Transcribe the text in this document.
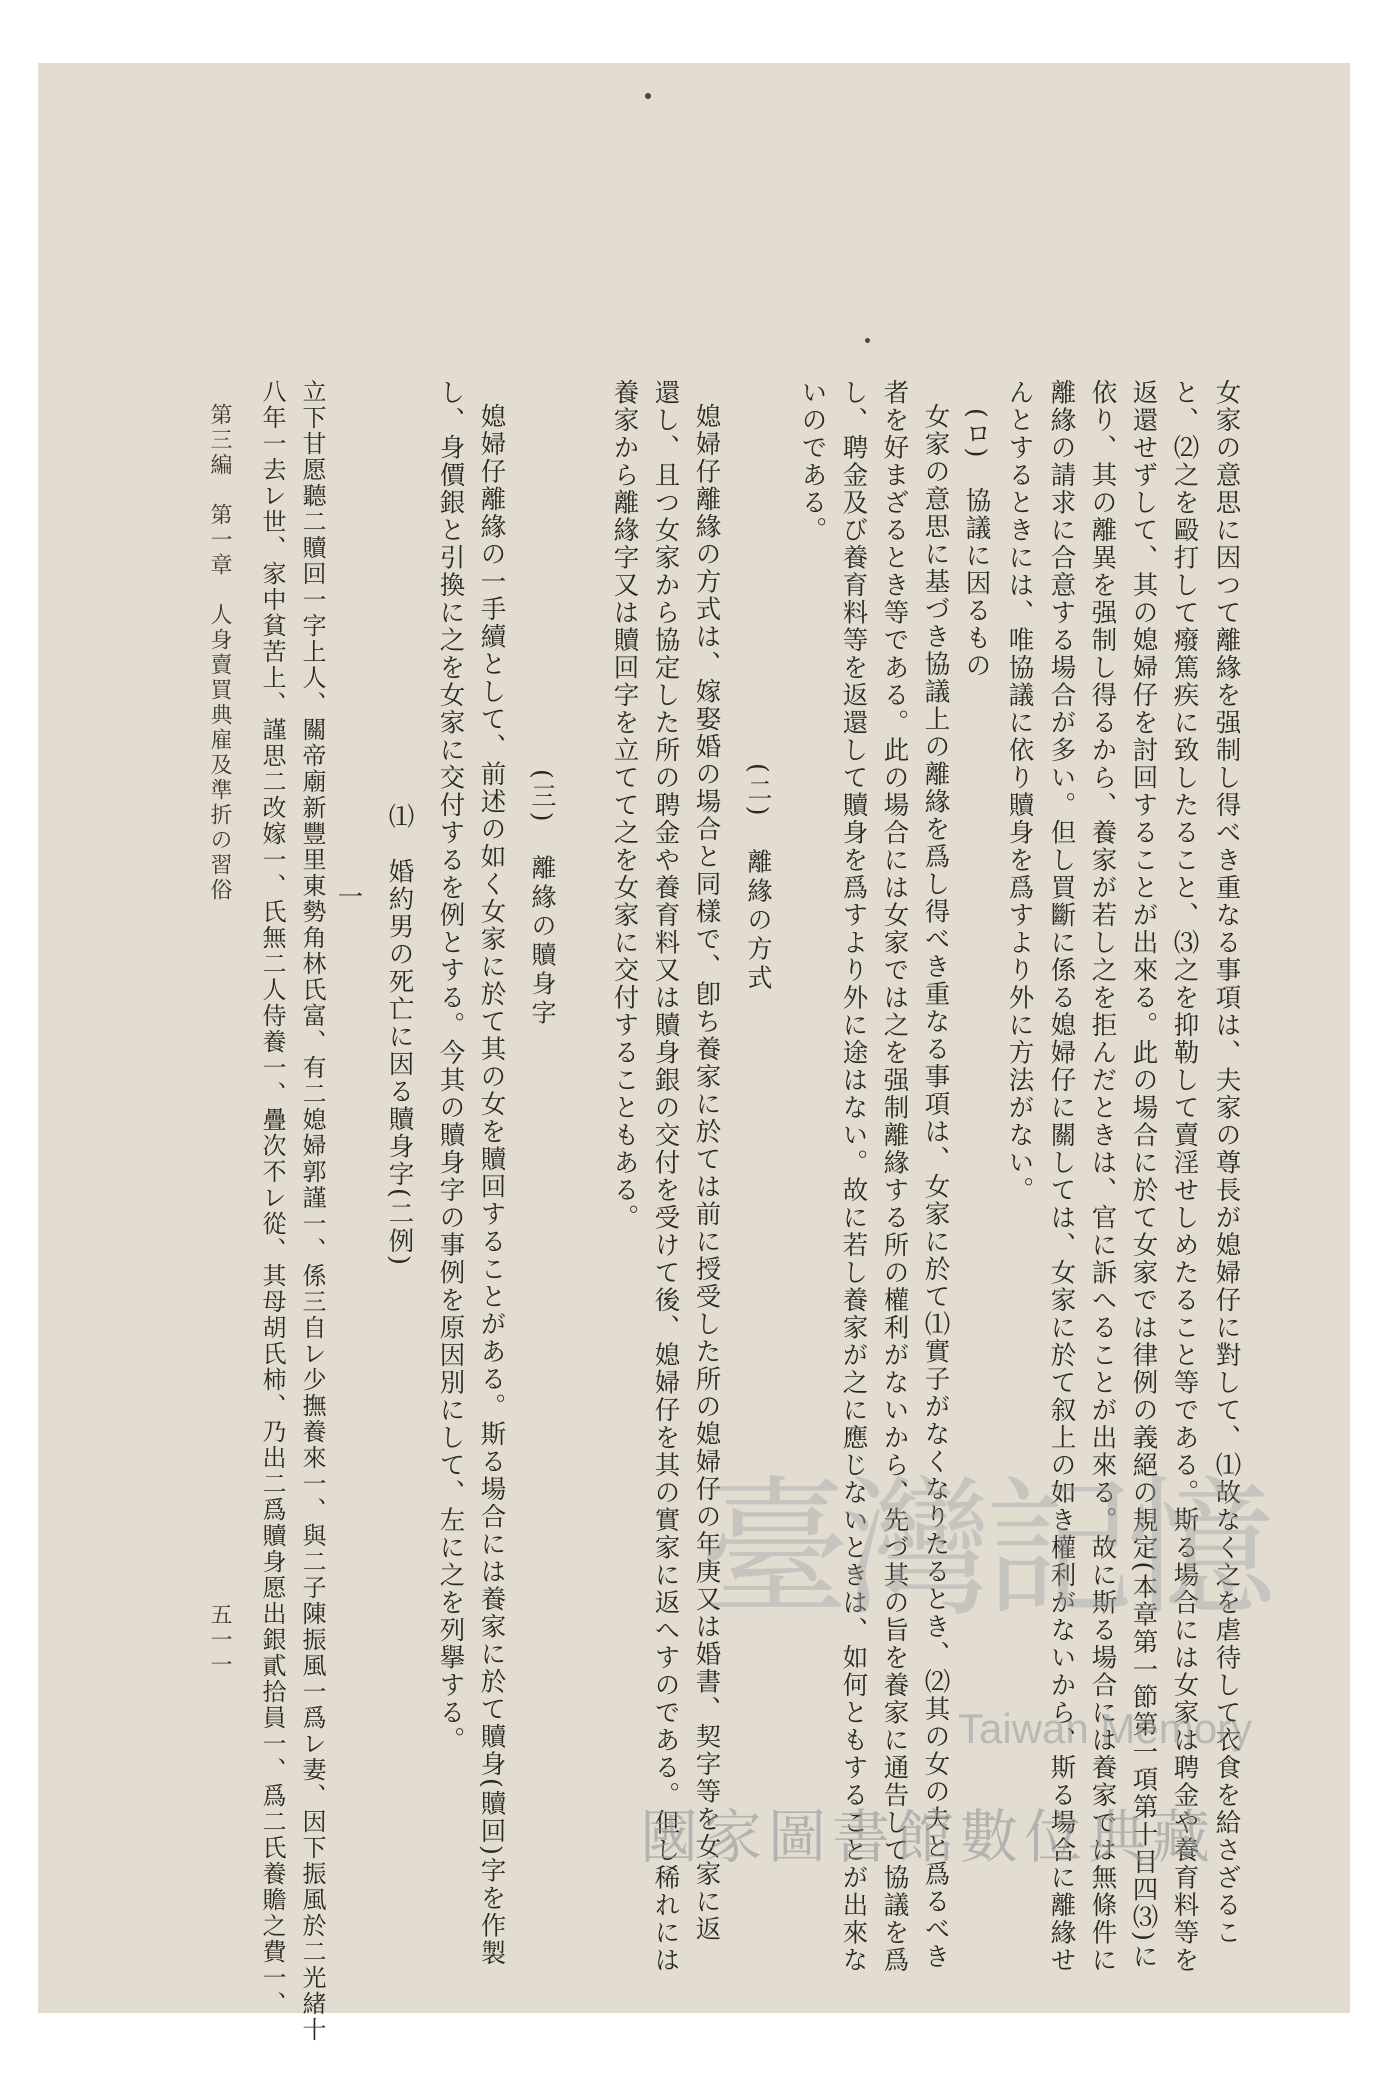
女家の意思に因つて離緣を强制し得べき重なる事項は、夫家の尊長が媳婦仔に對して、⑴故なく之を虐待して衣食を給さざるこ
と、⑵之を毆打して癈篤疾に致したること、⑶之を抑勒して賣淫せしめたること等である。斯る場合には女家は聘金や養育料等を
返還せずして、其の媳婦仔を討回することが出來る。此の場合に於て女家では律例の義絕の規定(本章第一節第一項第十目四⑶)に
依り、其の離異を强制し得るから、養家が若し之を拒んだときは、官に訴へることが出來る。故に斯る場合には養家では無條件に
離緣の請求に合意する場合が多い。但し買斷に係る媳婦仔に關しては、女家に於て叙上の如き權利がないから、斯る場合に離緣せ
んとするときには、唯協議に依り贖身を爲すより外に方法がない。
(ロ)　協議に因るもの
女家の意思に基づき協議上の離緣を爲し得べき重なる事項は、女家に於て⑴實子がなくなりたるとき、⑵其の女の夫と爲るべき
者を好まざるとき等である。此の場合には女家では之を强制離緣する所の權利がないから、先づ其の旨を養家に通告して協議を爲
し、聘金及び養育料等を返還して贖身を爲すより外に途はない。故に若し養家が之に應じないときは、如何ともすることが出來な
いのである。
(二)　離緣の方式
媳婦仔離緣の方式は、嫁娶婚の場合と同樣で、卽ち養家に於ては前に授受した所の媳婦仔の年庚又は婚書、契字等を女家に返
還し、且つ女家から協定した所の聘金や養育料又は贖身銀の交付を受けて後、媳婦仔を其の實家に返へすのである。但し稀れには
養家から離緣字又は贖回字を立てて之を女家に交付することもある。
(三)　離緣の贖身字
媳婦仔離緣の一手續として、前述の如く女家に於て其の女を贖回することがある。斯る場合には養家に於て贖身(贖回)字を作製
し、身價銀と引換に之を女家に交付するを例とする。今其の贖身字の事例を原因別にして、左に之を列擧する。
⑴　婚約男の死亡に因る贖身字(二例)
一
立下甘愿聽二贖回一字上人、關帝廟新豐里東勢角林氏富、有二媳婦郭謹一、係三自レ少撫養來一、與二子陳振風一爲レ妻、因下振風於二光緒十
八年一去レ世、家中貧苦上、謹思二改嫁一、氏無二人侍養一、疊次不レ從、其母胡氏柿、乃出二爲贖身愿出銀貳拾員一、爲二氏養贍之費一、
第三編　第一章　人身賣買典雇及準折の習俗
五一一
臺灣記憶
Taiwan Memory
國家圖書館數位典藏
